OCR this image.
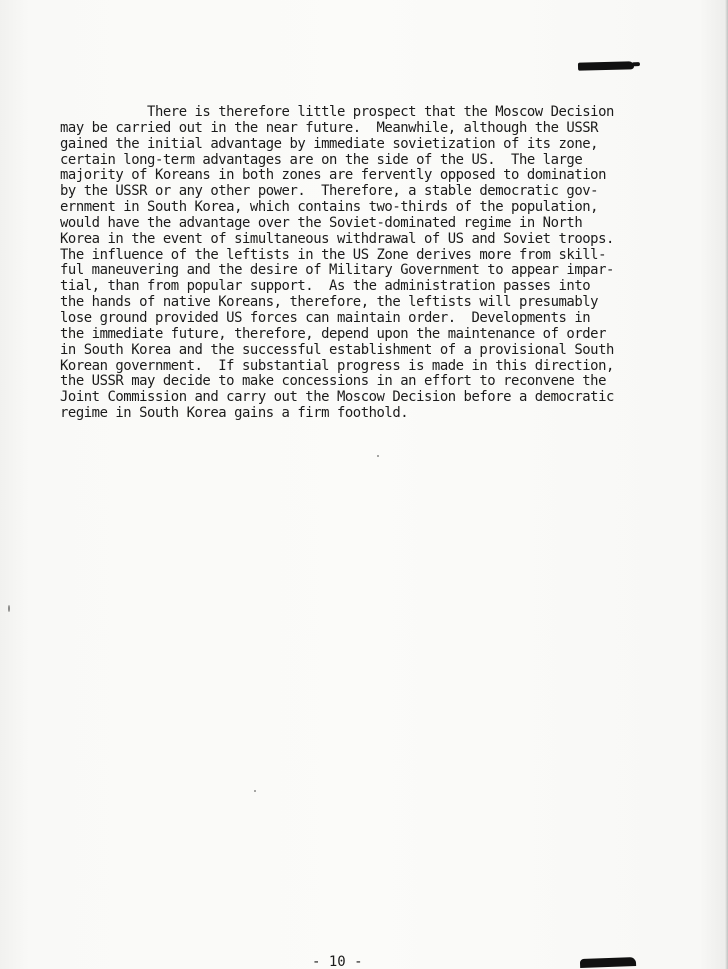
There is therefore little prospect that the Moscow Decision
may be carried out in the near future.  Meanwhile, although the USSR
gained the initial advantage by immediate sovietization of its zone,
certain long-term advantages are on the side of the US.  The large
majority of Koreans in both zones are fervently opposed to domination
by the USSR or any other power.  Therefore, a stable democratic gov-
ernment in South Korea, which contains two-thirds of the population,
would have the advantage over the Soviet-dominated regime in North
Korea in the event of simultaneous withdrawal of US and Soviet troops.
The influence of the leftists in the US Zone derives more from skill-
ful maneuvering and the desire of Military Government to appear impar-
tial, than from popular support.  As the administration passes into
the hands of native Koreans, therefore, the leftists will presumably
lose ground provided US forces can maintain order.  Developments in
the immediate future, therefore, depend upon the maintenance of order
in South Korea and the successful establishment of a provisional South
Korean government.  If substantial progress is made in this direction,
the USSR may decide to make concessions in an effort to reconvene the
Joint Commission and carry out the Moscow Decision before a democratic
regime in South Korea gains a firm foothold.
- 10 -
